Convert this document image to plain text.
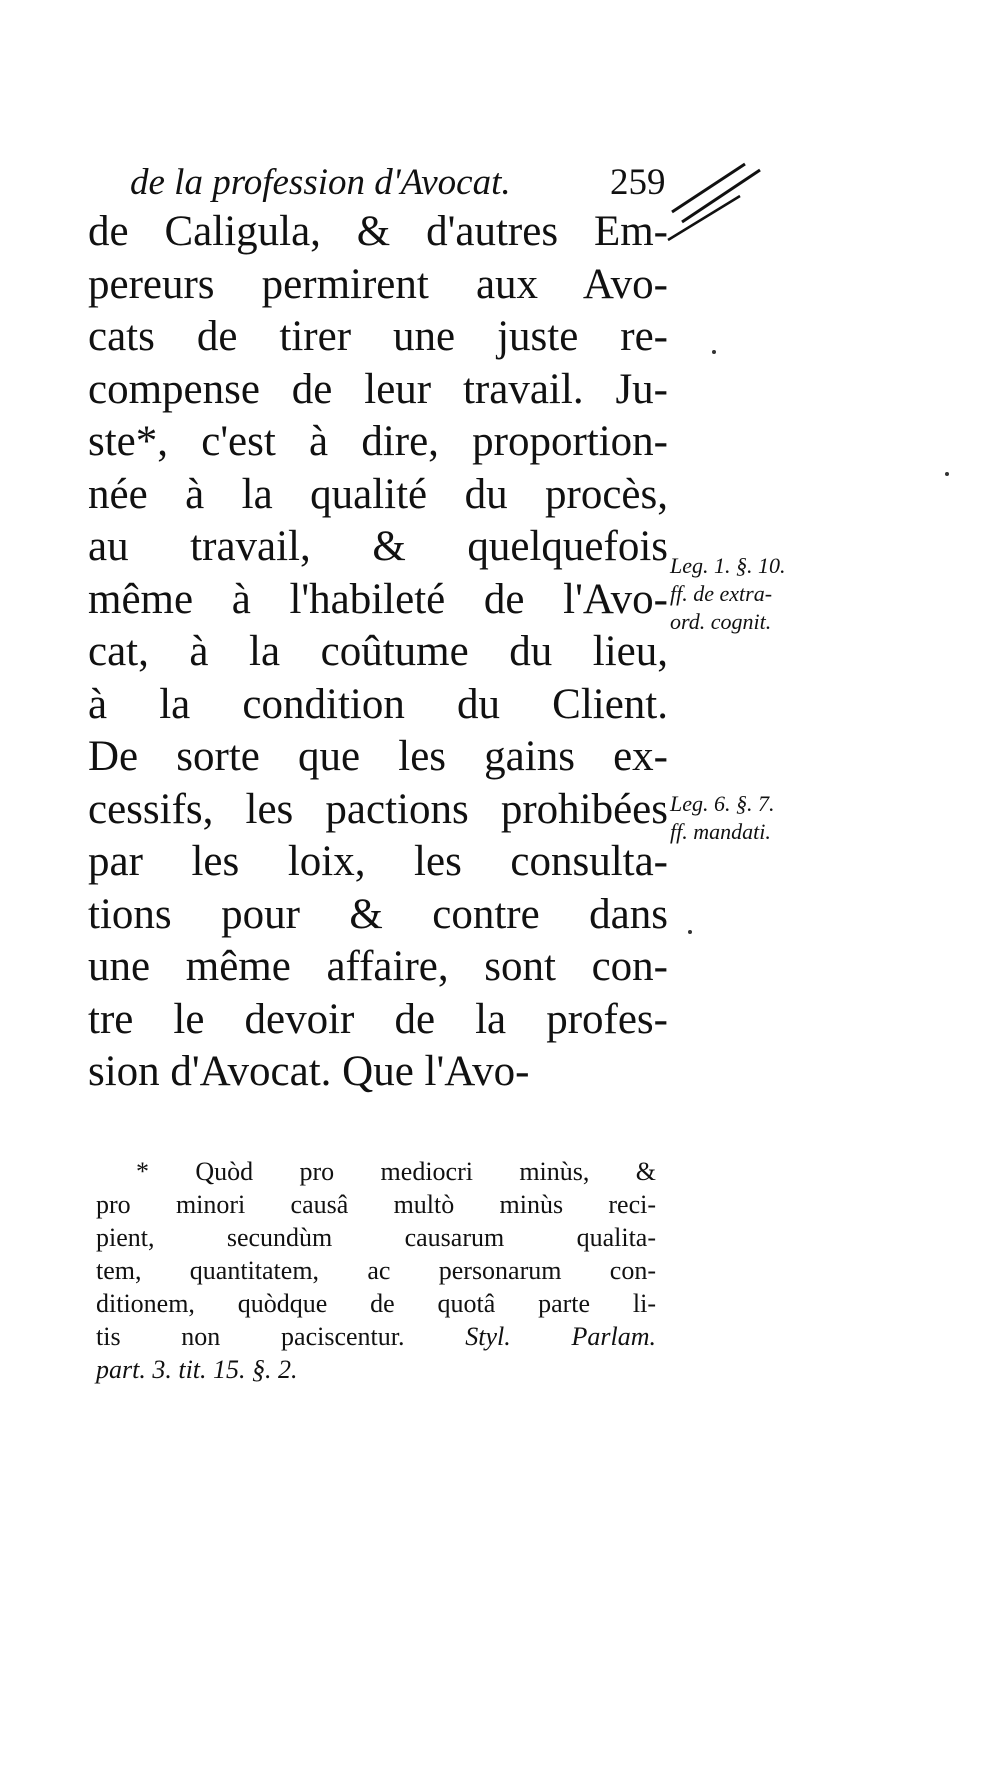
de la profession d'Avocat.	259
de Caligula, & d'autres Em-
pereurs permirent aux Avo-
cats de tirer une juste re-
compense de leur travail. Ju-
ste*, c'est à dire, proportion-
née à la qualité du procès,
au travail, & quelquefois
même à l'habileté de l'Avo-
cat, à la coûtume du lieu,
à la condition du Client.
De sorte que les gains ex-
cessifs, les pactions prohibées
par les loix, les consulta-
tions pour & contre dans
une même affaire, sont con-
tre le devoir de la profes-
sion d'Avocat. Que l'Avo-
Leg. 1. §. 10.
ff. de extra-
ord. cognit.
Leg. 6. §. 7.
ff. mandati.
* Quòd pro mediocri minùs, &
pro minori causâ multò minùs reci-
pient, secundùm causarum qualita-
tem, quantitatem, ac personarum con-
ditionem, quòdque de quotâ parte li-
tis non paciscentur. Styl. Parlam.
part. 3. tit. 15. §. 2.
